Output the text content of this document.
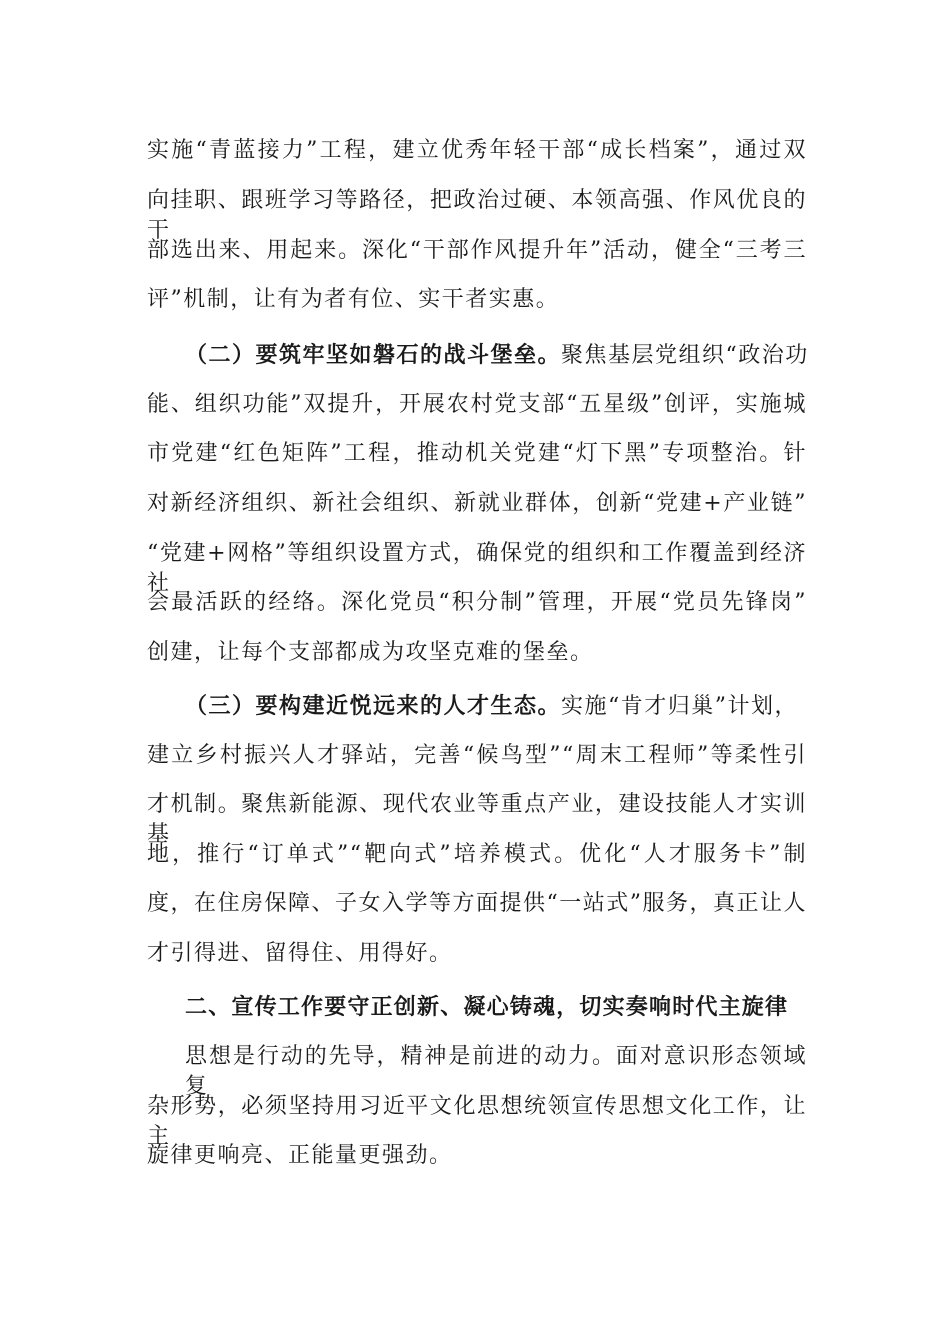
实施“青蓝接力”工程，建立优秀年轻干部“成长档案”，通过双
向挂职、跟班学习等路径，把政治过硬、本领高强、作风优良的干
部选出来、用起来。深化“干部作风提升年”活动，健全“三考三
评”机制，让有为者有位、实干者实惠。
（二）要筑牢坚如磐石的战斗堡垒。聚焦基层党组织“政治功
能、组织功能”双提升，开展农村党支部“五星级”创评，实施城
市党建“红色矩阵”工程，推动机关党建“灯下黑”专项整治。针
对新经济组织、新社会组织、新就业群体，创新“党建+产业链”
“党建+网格”等组织设置方式，确保党的组织和工作覆盖到经济社
会最活跃的经络。深化党员“积分制”管理，开展“党员先锋岗”
创建，让每个支部都成为攻坚克难的堡垒。
（三）要构建近悦远来的人才生态。实施“肯才归巢”计划，
建立乡村振兴人才驿站，完善“候鸟型”“周末工程师”等柔性引
才机制。聚焦新能源、现代农业等重点产业，建设技能人才实训基
地，推行“订单式”“靶向式”培养模式。优化“人才服务卡”制
度，在住房保障、子女入学等方面提供“一站式”服务，真正让人
才引得进、留得住、用得好。
二、宣传工作要守正创新、凝心铸魂，切实奏响时代主旋律
思想是行动的先导，精神是前进的动力。面对意识形态领域复
杂形势，必须坚持用习近平文化思想统领宣传思想文化工作，让主
旋律更响亮、正能量更强劲。
